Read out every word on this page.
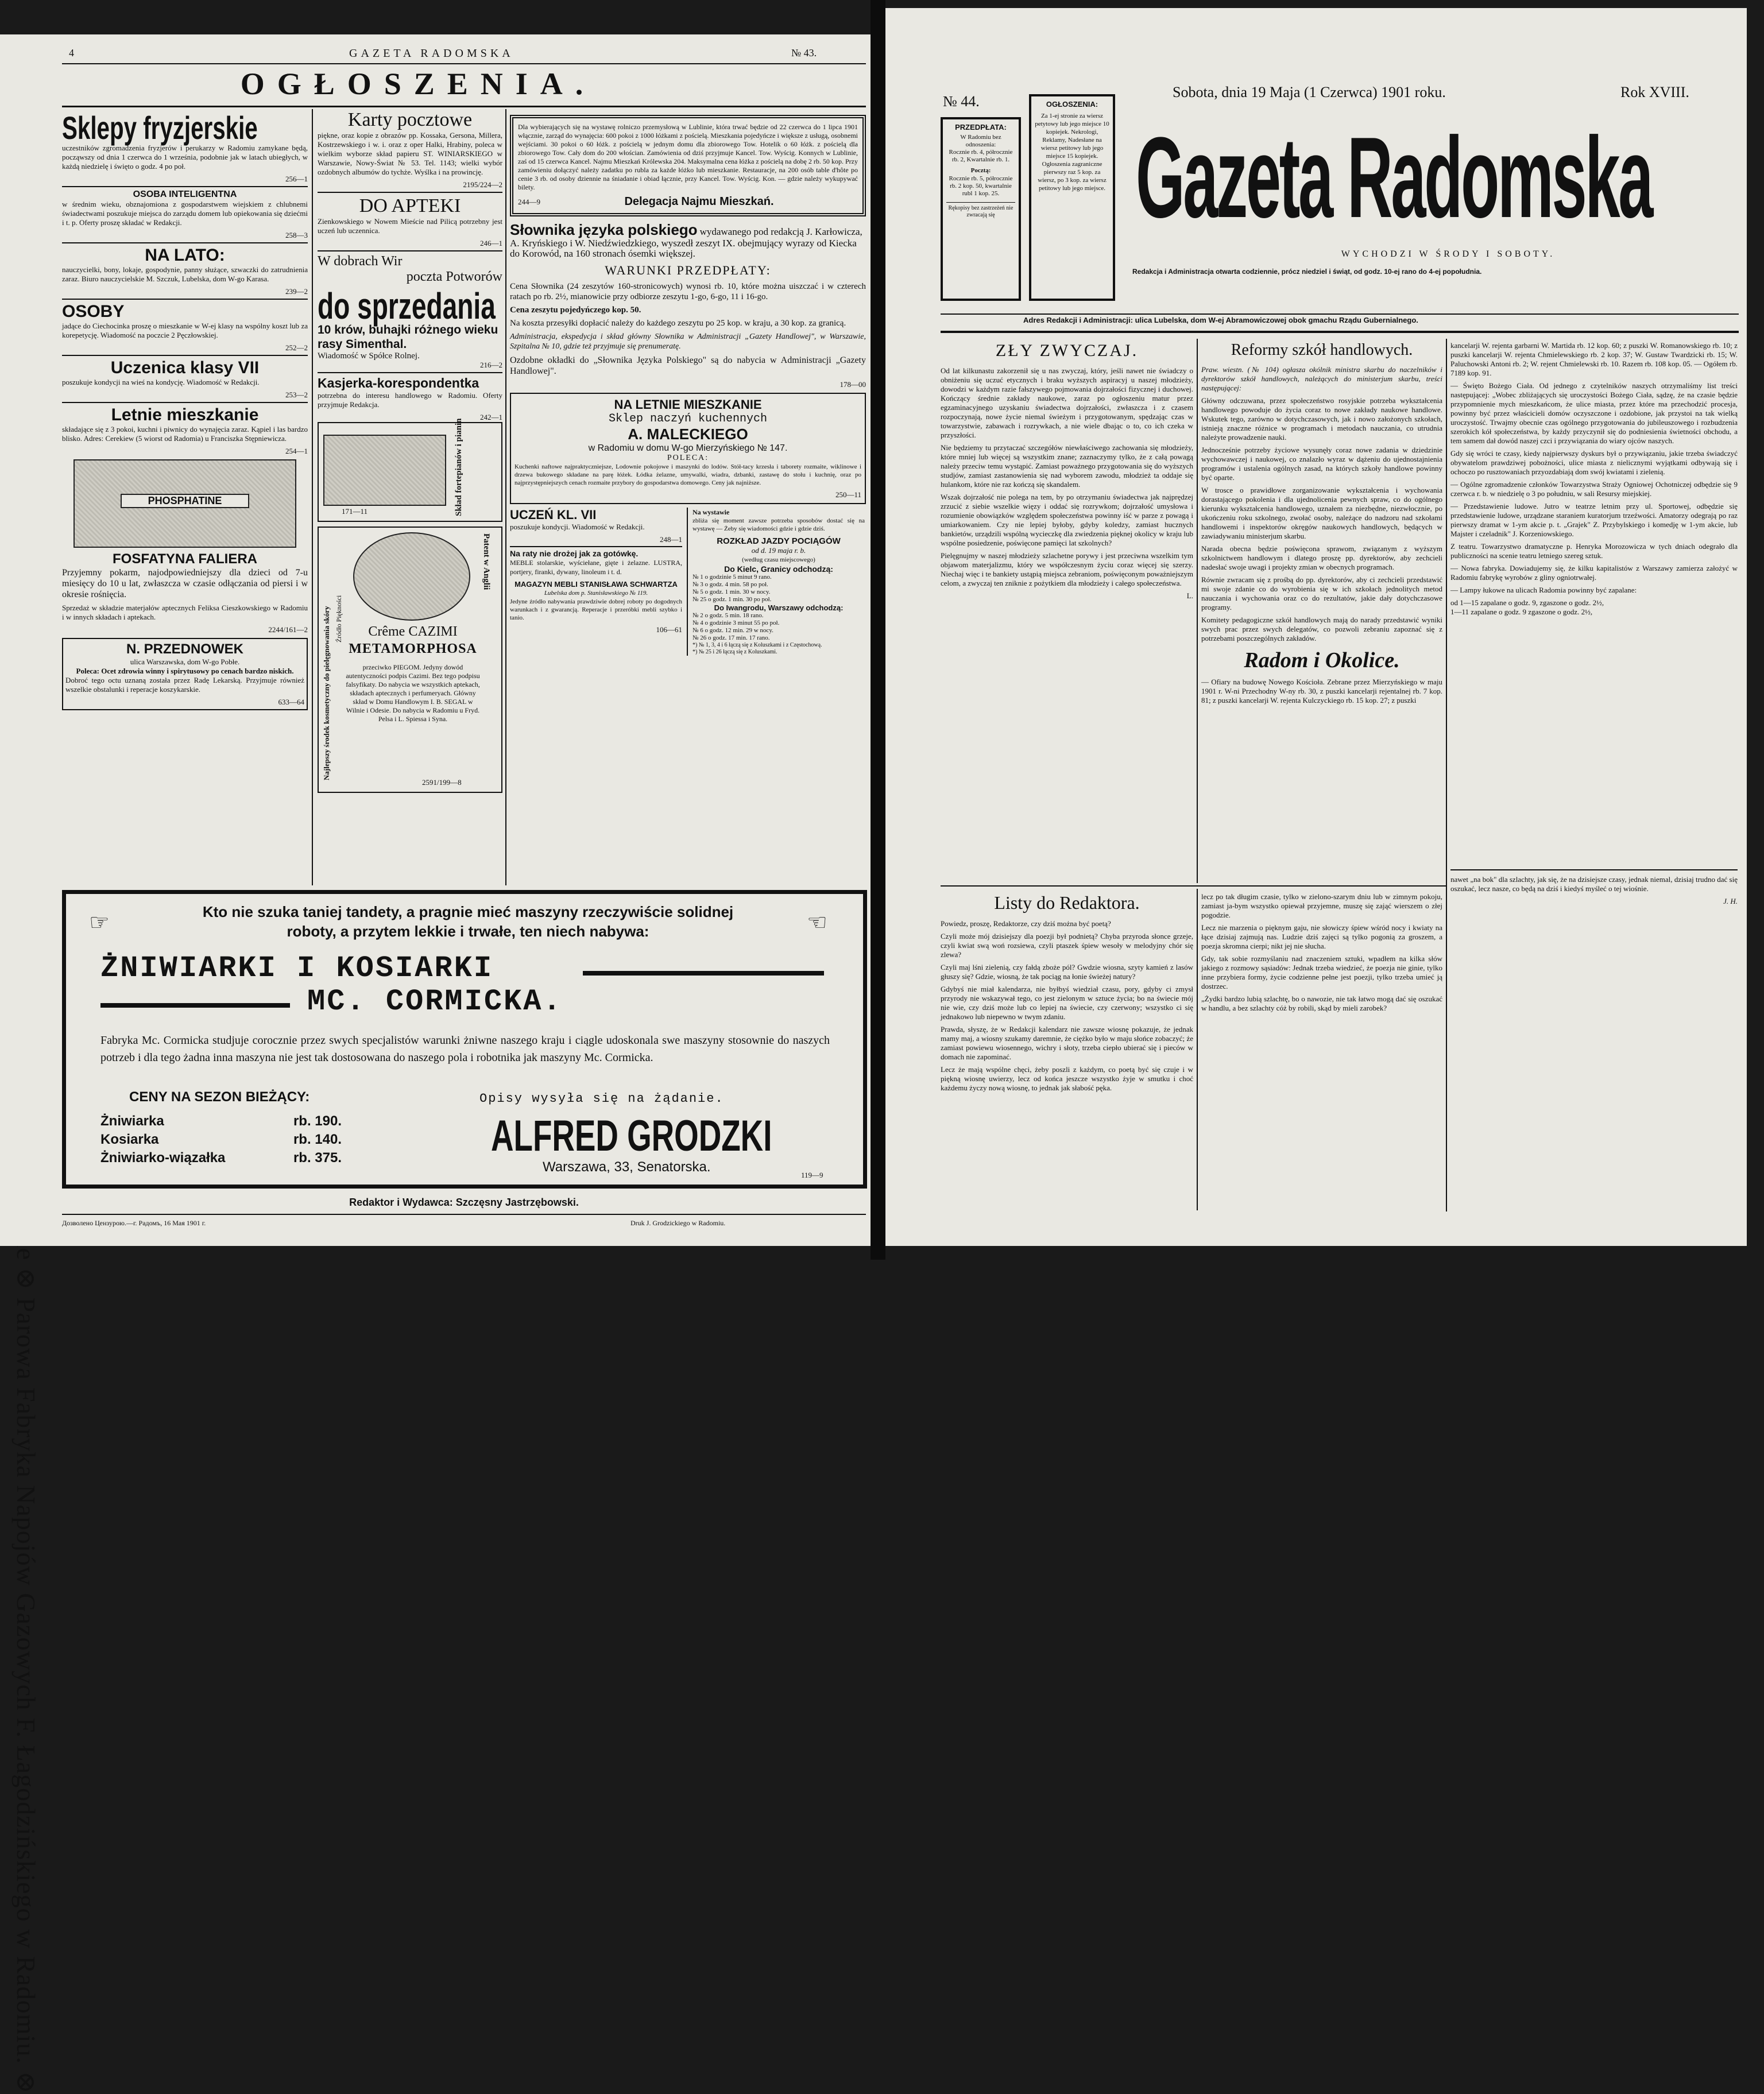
4	GAZETA RADOMSKA	№ 43.
OGŁOSZENIA.
Sklepy fryzjerskie

uczestników zgromadzenia fryzjerów i perukarzy w Radomiu zamykane będą, począwszy od dnia 1 czerwca do 1 września, podobnie jak w latach ubiegłych, w każdą niedzielę i święto o godz. 4 po poł.

256—1
OSOBA INTELIGENTNA

w średnim wieku, obznajomiona z gospodarstwem wiejskiem z chlubnemi świadectwami poszukuje miejsca do zarządu domem lub opiekowania się dziećmi i t. p. Oferty proszę składać w Redakcji.

258—3
NA LATO:

nauczycielki, bony, lokaje, gospodynie, panny służące, szwaczki do zatrudnienia zaraz. Biuro nauczycielskie M. Szczuk, Lubelska, dom W-go Karasa.

239—2
OSOBY

jadące do Ciechocinka proszę o mieszkanie w W-ej klasy na wspólny koszt lub za korepetycję. Wiadomość na poczcie 2 Pęczłowskiej.

252—2
Uczenica klasy VII

poszukuje kondycji na wieś na kondycję. Wiadomość w Redakcji.

253—2
Letnie mieszkanie

składające się z 3 pokoi, kuchni i piwnicy do wynajęcia zaraz. Kąpiel i las bardzo blisko. Adres: Cerekiew (5 wiorst od Radomia) u Franciszka Stępniewicza.

254—1
PHOSPHATINE
FOSFATYNA FALIERA

Przyjemny pokarm, najodpowiedniejszy dla dzieci od 7-u miesięcy do 10 u lat, zwłaszcza w czasie odłączania od piersi i w okresie rośnięcia.

Sprzedaż w składzie materjałów aptecznych Feliksa Cieszkowskiego w Radomiu i w innych składach i aptekach.

2244/161—2
N. PRZEDNOWEK
ulica Warszawska, dom W-go Pobłe.
Poleca: Ocet zdrowia winny i spirytusowy po cenach bardzo niskich.

Dobroć tego octu uznaną została przez Radę Lekarską. Przyjmuje również wszelkie obstalunki i reperacje koszykarskie.

633—64
Karty pocztowe

piękne, oraz kopie z obrazów pp. Kossaka, Gersona, Millera, Kostrzewskiego i w. i. oraz z oper Halki, Hrabiny, poleca w wielkim wyborze skład papieru ST. WINIARSKIEGO w Warszawie, Nowy-Świat № 53. Tel. 1143; wielki wybór ozdobnych albumów do tychże. Wyślka i na prowincję.

2195/224—2
DO APTEKI

Zienkowskiego w Nowem Mieście nad Pilicą potrzebny jest uczeń lub uczennica.

246—1
W dobrach Wir
poczta Potworów
do sprzedania
10 krów, buhajki różnego wieku rasy Simenthal.
Wiadomość w Spółce Rolnej.
216—2
Kasjerka-korespondentka

potrzebna do interesu handlowego w Radomiu. Oferty przyjmuje Redakcja.

242—1
Skład fortepianów i pianin
171—11
Najlepszy środek kosmetyczny do pielęgnowania skóry Źródło Piękności
Patent w Anglii
Crême CAZIMI
METAMORPHOSA

przeciwko PIEGOM. Jedyny dowód autentyczności podpis Cazimi. Bez tego podpisu falsyfikaty. Do nabycia we wszystkich aptekach, składach aptecznych i perfumeryach. Główny skład w Domu Handlowym I. B. SEGAL w Wilnie i Odesie. Do nabycia w Radomiu u Fryd. Pelsa i L. Spiessa i Syna.

2591/199—8

Dla wybierających się na wystawę rolniczo przemysłową w Lublinie, która trwać będzie od 22 czerwca do 1 lipca 1901 włącznie, zarząd do wynajęcia: 600 pokoi z 1000 łóżkami z pościelą. Mieszkania pojedyńcze i większe z usługą, osobnemi wejściami. 30 pokoi o 60 łóżk. z pościelą w jednym domu dla zbiorowego Tow. Hotelik o 60 łóżk. z pościelą dla zbiorowego Tow. Cały dom do 200 włościan. Zamówienia od dziś przyjmuje Kancel. Tow. Wyścig. Konnych w Lublinie, zaś od 15 czerwca Kancel. Najmu Mieszkań Królewska 204. Maksymalna cena łóżka z pościelą na dobę 2 rb. 50 kop. Przy zamówieniu dołączyć należy zadatku po rubla za każde łóżko lub mieszkanie. Restauracje, na 200 osób table d'hôte po cenie 3 rb. od osoby dziennie na śniadanie i obiad łącznie, przy Kancel. Tow. Wyścig. Kon. — gdzie należy wykupywać bilety.

244—9	Delegacja Najmu Mieszkań.
Słownika języka polskiego wydawanego pod redakcją J. Karłowicza, A. Kryńskiego i W. Niedźwiedzkiego, wyszedł zeszyt IX. obejmujący wyrazy od Kiecka do Korowód, na 160 stronach ósemki większej.
WARUNKI PRZEDPŁATY:

Cena Słownika (24 zeszytów 160-stronicowych) wynosi rb. 10, które można uiszczać i w czterech ratach po rb. 2½, mianowicie przy odbiorze zeszytu 1-go, 6-go, 11 i 16-go.

Cena zeszytu pojedyńczego kop. 50.

Na koszta przesyłki dopłacić należy do każdego zeszytu po 25 kop. w kraju, a 30 kop. za granicą.

Administracja, ekspedycja i skład główny Słownika w Administracji „Gazety Handlowej", w Warszawie, Szpitalna № 10, gdzie też przyjmuje się prenumeratę.

Ozdobne okładki do „Słownika Języka Polskiego" są do nabycia w Administracji „Gazety Handlowej".

178—00
NA LETNIE MIESZKANIE
Sklep naczyń kuchennych
A. MALECKIEGO
w Radomiu w domu W-go Mierzyńskiego № 147.
POLECA:

Kuchenki naftowe najpraktyczniejsze, Lodownie pokojowe i maszynki do lodów. Stół-tacy krzesła i taborety rozmaite, wiklinowe i drzewa bukowego składane na parę łóżek. Łódka żelazne, umywalki, wiadra, dzbanki, zastawę do stołu i kuchnię, oraz po najprzystępniejszych cenach rozmaite przybory do gospodarstwa domowego. Ceny jak najniższe.

250—11
UCZEŃ KL. VII

poszukuje kondycji. Wiadomość w Redakcji.

248—1
Na raty nie drożej jak za gotówkę.

MEBLE stolarskie, wyściełane, gięte i żelazne. LUSTRA, portjery, firanki, dywany, linoleum i t. d.

MAGAZYN MEBLI STANISŁAWA SCHWARTZA
Lubelska dom p. Stanisławskiego № 119.

Jedyne źródło nabywania prawdziwie dobrej roboty po dogodnych warunkach i z gwarancją. Reperacje i przeróbki mebli szybko i tanio.

106—61
Na wystawie

zbliża się moment zawsze potrzeba sposobów dostać się na wystawę — Żeby się wiadomości gdzie i gdzie dziś.

ROZKŁAD JAZDY POCIĄGÓW
od d. 19 maja r. b.
(według czasu miejscowego)
Do Kielc, Granicy odchodzą:
№ 1 o godzinie 5 minut 9 rano.
№ 3 o godz. 4 min. 58 po poł.
№ 5 o godz. 1 min. 30 w nocy.
№ 25 o godz. 1 min. 30 po poł.
Do Iwangrodu, Warszawy odchodzą:
№ 2 o godz. 5 min. 18 rano.
№ 4 o godzinie 3 minut 55 po poł.
№ 6 o godz. 12 min. 29 w nocy.
№ 26 o godz. 17 min. 17 rano.
*) № 1, 3, 4 i 6 łączą się z Koluszkami i z Częstochową.
*) № 25 i 26 łączą się z Koluszkami.
☞	☜
Kto nie szuka taniej tandety, a pragnie mieć maszyny rzeczywiście solidnej roboty, a przytem lekkie i trwałe, ten niech nabywa:
ŻNIWIARKI I KOSIARKI
MC. CORMICKA.

Fabryka Mc. Cormicka studjuje corocznie przez swych specjalistów warunki żniwne naszego kraju i ciągle udoskonala swe maszyny stosownie do naszych potrzeb i dla tego żadna inna maszyna nie jest tak dostosowana do naszego pola i robotnika jak maszyny Mc. Cormicka.

CENY NA SEZON BIEŻĄCY:
Żniwiarka	rb. 190.
Kosiarka	rb. 140.
Żniwiarko-wiązałka	rb. 375.
Opisy wysyła się na żądanie.
ALFRED GRODZKI
Warszawa, 33, Senatorska.
119—9
Redaktor i Wydawca: Szczęsny Jastrzębowski.
Дозволено Цензурою.—г. Радомъ, 16 Мая 1901 г.	Druk J. Grodzickiego w Radomiu.
№ 44.
PRZEDPŁATA:
W Radomiu bez odnoszenia:
Rocznie rb. 4, półrocznie rb. 2, Kwartalnie rb. 1.
Pocztą:
Rocznie rb. 5, półrocznie rb. 2 kop. 50, kwartalnie rubl 1 kop. 25.
Rękopisy bez zastrzeżeń nie zwracają się
OGŁOSZENIA:

Za 1-ej stronie za wiersz petytowy lub jego miejsce 10 kopiejek. Nekrologi, Reklamy, Nadesłane na wiersz petitowy lub jego miejsce 15 kopiejek. Ogłoszenia zagraniczne pierwszy raz 5 kop. za wiersz, po 3 kop. za wiersz petitowy lub jego miejsce.

Sobota, dnia 19 Maja (1 Czerwca) 1901 roku.	Rok XVIII.
Gazeta Radomska
WYCHODZI W ŚRODY I SOBOTY.
Redakcja i Administracja otwarta codziennie, prócz niedziel i świąt, od godz. 10-ej rano do 4-ej popołudnia.
Adres Redakcji i Administracji: ulica Lubelska, dom W-ej Abramowiczowej obok gmachu Rządu Gubernialnego.
ZŁY ZWYCZAJ.

Od lat kilkunastu zakorzenił się u nas zwyczaj, który, jeśli nawet nie świadczy o obniżeniu się uczuć etycznych i braku wyższych aspiracyj u naszej młodzieży, dowodzi w każdym razie fałszywego pojmowania dojrzałości fizycznej i duchowej. Kończący średnie zakłady naukowe, zaraz po ogłoszeniu matur przez egzaminacyjnego uzyskaniu świadectwa dojrzałości, zwłaszcza i z czasem rozpoczynają, nowe życie niemal świeżym i przygotowanym, spędzając czas w towarzystwie, zabawach i rozrywkach, a nie wiele dbając o to, co ich czeka w przyszłości.

Nie będziemy tu przytaczać szczegółów niewłaściwego zachowania się młodzieży, które mniej lub więcej są wszystkim znane; zaznaczymy tylko, że z całą powagą należy przeciw temu wystąpić. Zamiast poważnego przygotowania się do wyższych studjów, zamiast zastanowienia się nad wyborem zawodu, młodzież ta oddaje się hulankom, które nie raz kończą się skandalem.

Wszak dojrzałość nie polega na tem, by po otrzymaniu świadectwa jak najprędzej zrzucić z siebie wszelkie więzy i oddać się rozrywkom; dojrzałość umysłowa i rozumienie obowiązków względem społeczeństwa powinny iść w parze z powagą i umiarkowaniem. Czy nie lepiej byłoby, gdyby koledzy, zamiast hucznych bankietów, urządzili wspólną wycieczkę dla zwiedzenia pięknej okolicy w kraju lub wspólne posiedzenie, poświęcone pamięci lat szkolnych?

Pielęgnujmy w naszej młodzieży szlachetne porywy i jest przeciwna wszelkim tym objawom materjalizmu, który we współczesnym życiu coraz więcej się szerzy. Niechaj więc i te bankiety ustąpią miejsca zebraniom, poświęconym poważniejszym celom, a zwyczaj ten zniknie z pożytkiem dla młodzieży i całego społeczeństwa.

L.
Reformy szkół handlowych.

Praw. wiestn. (№ 104) ogłasza okólnik ministra skarbu do naczelników i dyrektorów szkół handlowych, należących do ministerjum skarbu, treści następującej:

Główny odczuwana, przez społeczeństwo rosyjskie potrzeba wykształcenia handlowego powoduje do życia coraz to nowe zakłady naukowe handlowe. Wskutek tego, zarówno w dotychczasowych, jak i nowo założonych szkołach, istnieją znaczne różnice w programach i metodach nauczania, co utrudnia należyte prowadzenie nauki.

Jednocześnie potrzeby życiowe wysunęły coraz nowe zadania w dziedzinie wychowawczej i naukowej, co znalazło wyraz w dążeniu do ujednostajnienia programów i ustalenia ogólnych zasad, na których szkoły handlowe powinny być oparte.

W trosce o prawidłowe zorganizowanie wykształcenia i wychowania dorastającego pokolenia i dla ujednolicenia pewnych spraw, co do ogólnego kierunku wykształcenia handlowego, uznałem za niezbędne, niezwłocznie, po ukończeniu roku szkolnego, zwołać osoby, należące do nadzoru nad szkołami handlowemi i inspektorów okręgów naukowych handlowych, będących w zawiadywaniu ministerjum skarbu.

Narada obecna będzie poświęcona sprawom, związanym z wyższym szkolnictwem handlowym i dlatego proszę pp. dyrektorów, aby zechcieli nadesłać swoje uwagi i projekty zmian w obecnych programach.

Równie zwracam się z prośbą do pp. dyrektorów, aby ci zechcieli przedstawić mi swoje zdanie co do wyrobienia się w ich szkołach jednolitych metod nauczania i wychowania oraz co do rezultatów, jakie dały dotychczasowe programy.

Komitety pedagogiczne szkół handlowych mają do narady przedstawić wyniki swych prac przez swych delegatów, co pozwoli zebraniu zapoznać się z potrzebami poszczególnych zakładów.

Radom i Okolice.

— Ofiary na budowę Nowego Kościoła. Zebrane przez Mierzyńskiego w maju 1901 r. W-ni Przechodny W-ny rb. 30, z puszki kancelarji rejentalnej rb. 7 kop. 81; z puszki kancelarji W. rejenta Kulczyckiego rb. 15 kop. 27; z puszki

kancelarji W. rejenta garbarni W. Martida rb. 12 kop. 60; z puszki W. Romanowskiego rb. 10; z puszki kancelarji W. rejenta Chmielewskiego rb. 2 kop. 37; W. Gustaw Twardzicki rb. 15; W. Paluchowski Antoni rb. 2; W. rejent Chmielewski rb. 10. Razem rb. 108 kop. 05. — Ogółem rb. 7189 kop. 91.

— Święto Bożego Ciała. Od jednego z czytelników naszych otrzymaliśmy list treści następującej: „Wobec zbliżających się uroczystości Bożego Ciała, sądzę, że na czasie będzie przypomnienie mych mieszkańcom, że ulice miasta, przez które ma przechodzić procesja, powinny być przez właścicieli domów oczyszczone i ozdobione, jak przystoi na tak wielką uroczystość. Trwajmy obecnie czas ogólnego przygotowania do jubileuszowego i rozbudzenia szerokich kół społeczeństwa, by każdy przyczynił się do podniesienia świetności obchodu, a tem samem dał dowód naszej czci i przywiązania do wiary ojców naszych.

Gdy się wróci te czasy, kiedy najpierwszy dyskurs był o przywiązaniu, jakie trzeba świadczyć obywatelom prawdziwej pobożności, ulice miasta z nielicznymi wyjątkami odbywają się i ochoczo po rusztowaniach przyozdabiają dom swój kwiatami i zielenią.

— Ogólne zgromadzenie członków Towarzystwa Straży Ogniowej Ochotniczej odbędzie się 9 czerwca r. b. w niedzielę o 3 po południu, w sali Resursy miejskiej.

— Przedstawienie ludowe. Jutro w teatrze letnim przy ul. Sportowej, odbędzie się przedstawienie ludowe, urządzane staraniem kuratorjum trzeźwości. Amatorzy odegrają po raz pierwszy dramat w 1-ym akcie p. t. „Grajek" Z. Przybylskiego i komedję w 1-ym akcie, lub Majster i czeladnik" J. Korzeniowskiego.

Z teatru. Towarzystwo dramatyczne p. Henryka Morozowicza w tych dniach odegrało dla publiczności na scenie teatru letniego szereg sztuk.

— Nowa fabryka. Dowiadujemy się, że kilku kapitalistów z Warszawy zamierza założyć w Radomiu fabrykę wyrobów z gliny ogniotrwałej.

— Lampy łukowe na ulicach Radomia powinny być zapalane:

od 1—15 zapalane o godz. 9, zgaszone o godz. 2½,
1—11 zapalane o godz. 9 zgaszone o godz. 2½,
Listy do Redaktora.

Powiedz, proszę, Redaktorze, czy dziś można być poetą?

Czyli może mój dzisiejszy dla poezji był podnietą? Chyba przyroda słonce grzeje, czyli kwiat swą woń rozsiewa, czyli ptaszek śpiew wesoły w melodyjny chór się zlewa?

Czyli maj lśni zielenią, czy fałdą zboże pól? Gwdzie wiosna, szyty kamień z lasów głuszy się? Gdzie, wiosną, że tak pociąg na łonie świeżej natury?

Gdybyś nie miał kalendarza, nie byłbyś wiedział czasu, pory, gdyby ci zmysł przyrody nie wskazywał tego, co jest zielonym w sztuce życia; bo na świecie mój nie wie, czy dziś może lub co lepiej na świecie, czy czerwony; wszystko ci się jednakowo lub niepewno w twym zdaniu.

Prawda, słyszę, że w Redakcji kalendarz nie zawsze wiosnę pokazuje, że jednak mamy maj, a wiosny szukamy daremnie, że ciężko było w maju słońce zobaczyć; że zamiast powiewu wiosennego, wichry i słoty, trzeba ciepło ubierać się i pieców w domach nie zapominać.

Lecz że mają wspólne chęci, żeby poszli z każdym, co poetą być się czuje i w piękną wiosnę uwierzy, lecz od końca jeszcze wszystko żyje w smutku i choć każdemu życzy nową wiosnę, to jednak jak słabość pęka.

lecz po tak długim czasie, tylko w zielono-szarym dniu lub w zimnym pokoju, zamiast ja-bym wszystko opiewał przyjemne, muszę się zająć wierszem o złej pogodzie.

Lecz nie marzenia o pięknym gaju, nie słowiczy śpiew wśród nocy i kwiaty na łące dzisiaj zajmują nas. Ludzie dziś zajęci są tylko pogonią za groszem, a poezja skromna cierpi; nikt jej nie słucha.

Gdy, tak sobie rozmyślaniu nad znaczeniem sztuki, wpadłem na kilka słów jakiego z rozmowy sąsiadów: Jednak trzeba wiedzieć, że poezja nie ginie, tylko inne przybiera formy, życie codzienne pełne jest poezji, tylko trzeba umieć ją dostrzec.

„Żydki bardzo lubią szlachtę, bo o nawozie, nie tak łatwo mogą dać się oszukać w handlu, a bez szlachty cóż by robili, skąd by mieli zarobek?

nawet „na bok" dla szlachty, jak się, że na dzisiejsze czasy, jednak niemal, dzisiaj trudno dać się oszukać, lecz nasze, co będą na dziś i kiedyś myśleć o tej wiośnie.

J. H.
